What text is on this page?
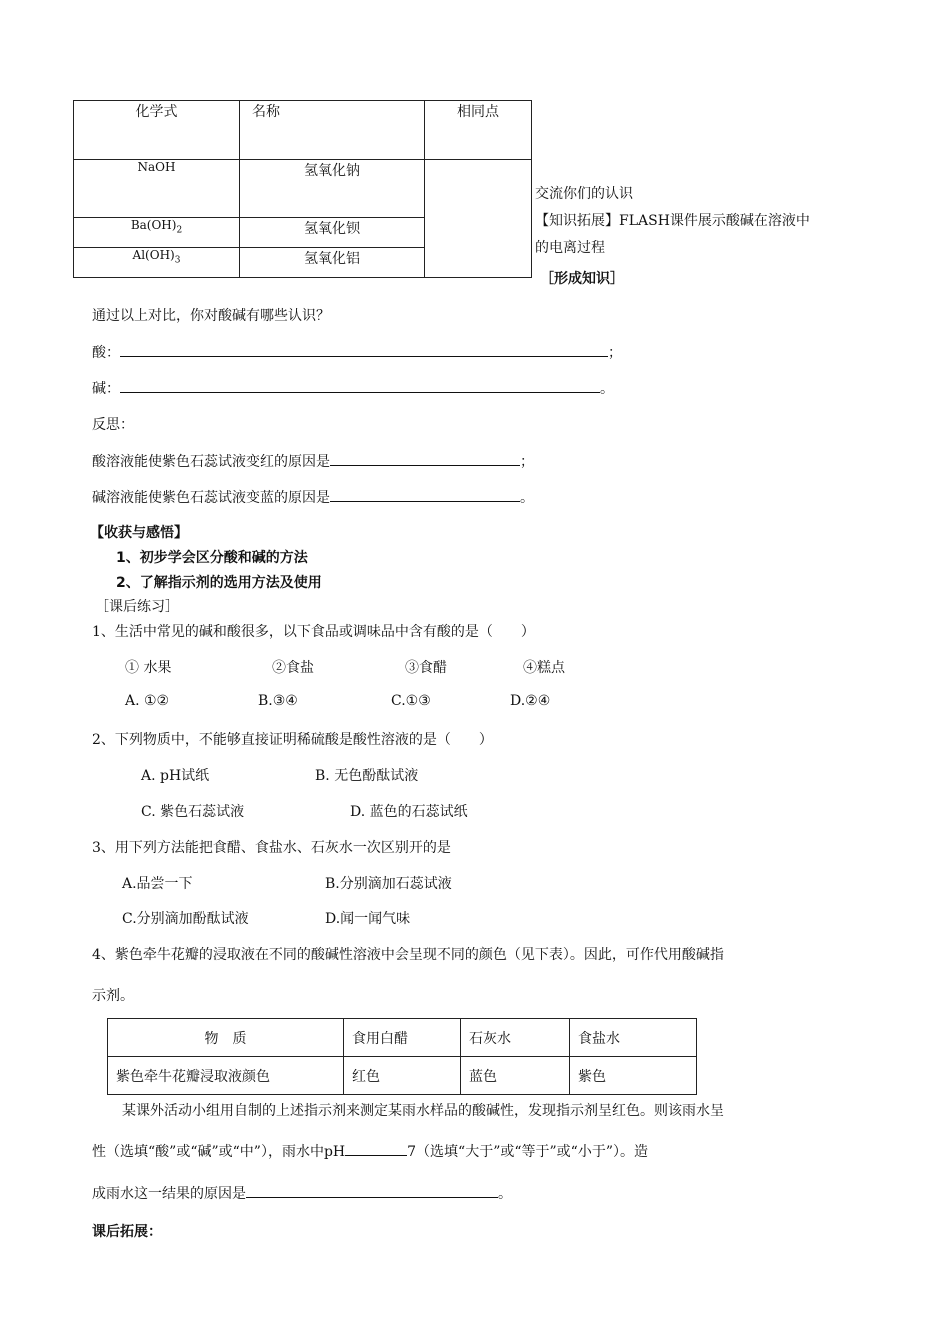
化学式	名称	相同点
NaOH	氢氧化钠	
$Ba(OH)_2$	氢氧化钡	
$Al(OH)_3$	氢氧化铝	
交流你们的认识
【知识拓展】FLASH课件展示酸碱在溶液中
的电离过程
［形成知识］
通过以上对比，你对酸碱有哪些认识？
酸：	；
碱：	。
反思：
酸溶液能使紫色石蕊试液变红的原因是	；
碱溶液能使紫色石蕊试液变蓝的原因是	。
【收获与感悟】
1、初步学会区分酸和碱的方法
2、了解指示剂的选用方法及使用
［课后练习］
1、生活中常见的碱和酸很多，以下食品或调味品中含有酸的是（　　）
① 水果	②食盐	③食醋	④糕点
A. ①②	B.③④	C.①③	D.②④
2、下列物质中，不能够直接证明稀硫酸是酸性溶液的是（　　）
A. pH试纸	B. 无色酚酞试液
C. 紫色石蕊试液	D. 蓝色的石蕊试纸
3、用下列方法能把食醋、食盐水、石灰水一次区别开的是
A.品尝一下	B.分别滴加石蕊试液
C.分别滴加酚酞试液	D.闻一闻气味
4、紫色牵牛花瓣的浸取液在不同的酸碱性溶液中会呈现不同的颜色（见下表）。因此，可作代用酸碱指
示剂。
物　质	食用白醋	石灰水	食盐水
紫色牵牛花瓣浸取液颜色	红色	蓝色	紫色
某课外活动小组用自制的上述指示剂来测定某雨水样品的酸碱性，发现指示剂呈红色。则该雨水呈
性（选填“酸”或“碱”或“中”），雨水中pH	7（选填“大于”或“等于”或“小于”）。造
成雨水这一结果的原因是	。
课后拓展：
